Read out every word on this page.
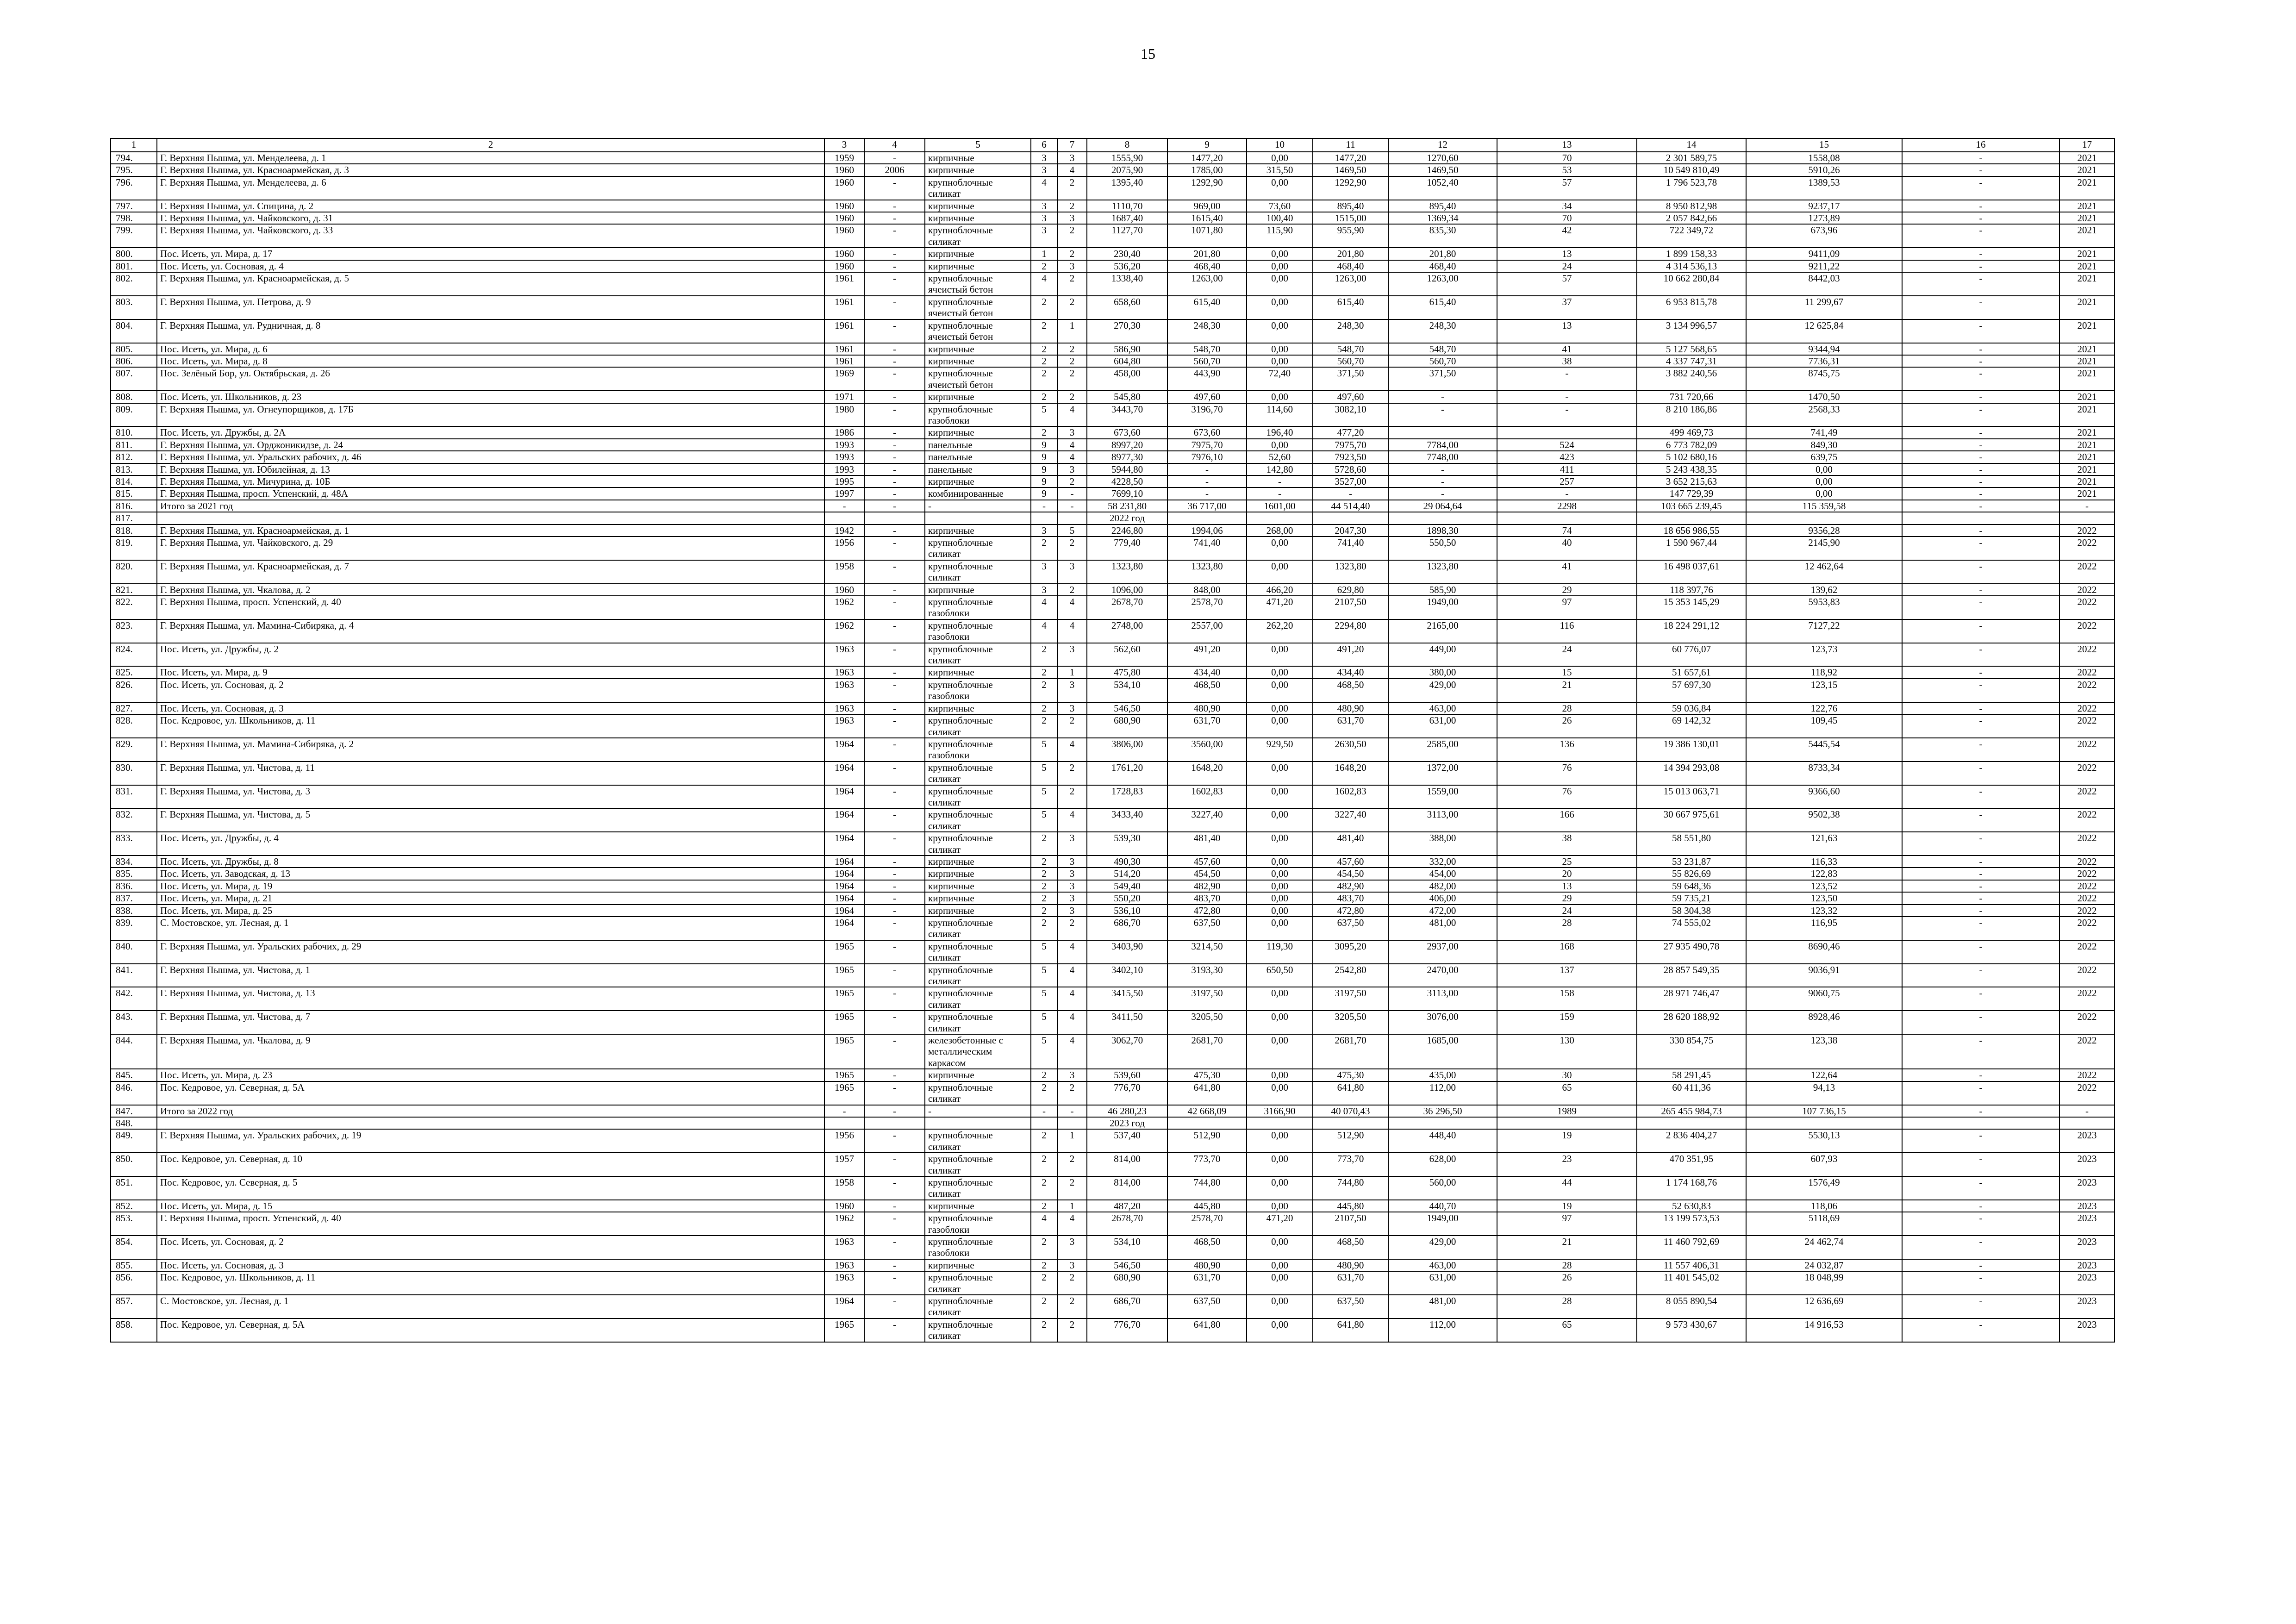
15
1	2	3	4	5	6	7	8	9	10	11	12	13	14	15	16	17
794.	Г. Верхняя Пышма, ул. Менделеева, д. 1	1959	-	кирпичные	3	3	1555,90	1477,20	0,00	1477,20	1270,60	70	2 301 589,75	1558,08	-	2021
795.	Г. Верхняя Пышма, ул. Красноармейская, д. 3	1960	2006	кирпичные	3	4	2075,90	1785,00	315,50	1469,50	1469,50	53	10 549 810,49	5910,26	-	2021
796.	Г. Верхняя Пышма, ул. Менделеева, д. 6	1960	-	крупноблочные силикат	4	2	1395,40	1292,90	0,00	1292,90	1052,40	57	1 796 523,78	1389,53	-	2021
797.	Г. Верхняя Пышма, ул. Спицина, д. 2	1960	-	кирпичные	3	2	1110,70	969,00	73,60	895,40	895,40	34	8 950 812,98	9237,17	-	2021
798.	Г. Верхняя Пышма, ул. Чайковского, д. 31	1960	-	кирпичные	3	3	1687,40	1615,40	100,40	1515,00	1369,34	70	2 057 842,66	1273,89	-	2021
799.	Г. Верхняя Пышма, ул. Чайковского, д. 33	1960	-	крупноблочные силикат	3	2	1127,70	1071,80	115,90	955,90	835,30	42	722 349,72	673,96	-	2021
800.	Пос. Исеть, ул. Мира, д. 17	1960	-	кирпичные	1	2	230,40	201,80	0,00	201,80	201,80	13	1 899 158,33	9411,09	-	2021
801.	Пос. Исеть, ул. Сосновая, д. 4	1960	-	кирпичные	2	3	536,20	468,40	0,00	468,40	468,40	24	4 314 536,13	9211,22	-	2021
802.	Г. Верхняя Пышма, ул. Красноармейская, д. 5	1961	-	крупноблочные ячеистый бетон	4	2	1338,40	1263,00	0,00	1263,00	1263,00	57	10 662 280,84	8442,03	-	2021
803.	Г. Верхняя Пышма, ул. Петрова, д. 9	1961	-	крупноблочные ячеистый бетон	2	2	658,60	615,40	0,00	615,40	615,40	37	6 953 815,78	11 299,67	-	2021
804.	Г. Верхняя Пышма, ул. Рудничная, д. 8	1961	-	крупноблочные ячеистый бетон	2	1	270,30	248,30	0,00	248,30	248,30	13	3 134 996,57	12 625,84	-	2021
805.	Пос. Исеть, ул. Мира, д. 6	1961	-	кирпичные	2	2	586,90	548,70	0,00	548,70	548,70	41	5 127 568,65	9344,94	-	2021
806.	Пос. Исеть, ул. Мира, д. 8	1961	-	кирпичные	2	2	604,80	560,70	0,00	560,70	560,70	38	4 337 747,31	7736,31	-	2021
807.	Пос. Зелёный Бор, ул. Октябрьская, д. 26	1969	-	крупноблочные ячеистый бетон	2	2	458,00	443,90	72,40	371,50	371,50	-	3 882 240,56	8745,75	-	2021
808.	Пос. Исеть, ул. Школьников, д. 23	1971	-	кирпичные	2	2	545,80	497,60	0,00	497,60	-	-	731 720,66	1470,50	-	2021
809.	Г. Верхняя Пышма, ул. Огнеупорщиков, д. 17Б	1980	-	крупноблочные газоблоки	5	4	3443,70	3196,70	114,60	3082,10	-	-	8 210 186,86	2568,33	-	2021
810.	Пос. Исеть, ул. Дружбы, д. 2А	1986	-	кирпичные	2	3	673,60	673,60	196,40	477,20			499 469,73	741,49	-	2021
811.	Г. Верхняя Пышма, ул. Орджоникидзе, д. 24	1993	-	панельные	9	4	8997,20	7975,70	0,00	7975,70	7784,00	524	6 773 782,09	849,30	-	2021
812.	Г. Верхняя Пышма, ул. Уральских рабочих, д. 46	1993	-	панельные	9	4	8977,30	7976,10	52,60	7923,50	7748,00	423	5 102 680,16	639,75	-	2021
813.	Г. Верхняя Пышма, ул. Юбилейная, д. 13	1993	-	панельные	9	3	5944,80	-	142,80	5728,60	-	411	5 243 438,35	0,00	-	2021
814.	Г. Верхняя Пышма, ул. Мичурина, д. 10Б	1995	-	кирпичные	9	2	4228,50	-	-	3527,00	-	257	3 652 215,63	0,00	-	2021
815.	Г. Верхняя Пышма, просп. Успенский, д. 48А	1997	-	комбинированные	9	-	7699,10	-	-	-	-	-	147 729,39	0,00	-	2021
816.	Итого за 2021 год	-	-	-	-	-	58 231,80	36 717,00	1601,00	44 514,40	29 064,64	2298	103 665 239,45	115 359,58	-	-
817.							2022 год									
818.	Г. Верхняя Пышма, ул. Красноармейская, д. 1	1942	-	кирпичные	3	5	2246,80	1994,06	268,00	2047,30	1898,30	74	18 656 986,55	9356,28	-	2022
819.	Г. Верхняя Пышма, ул. Чайковского, д. 29	1956	-	крупноблочные силикат	2	2	779,40	741,40	0,00	741,40	550,50	40	1 590 967,44	2145,90	-	2022
820.	Г. Верхняя Пышма, ул. Красноармейская, д. 7	1958	-	крупноблочные силикат	3	3	1323,80	1323,80	0,00	1323,80	1323,80	41	16 498 037,61	12 462,64	-	2022
821.	Г. Верхняя Пышма, ул. Чкалова, д. 2	1960	-	кирпичные	3	2	1096,00	848,00	466,20	629,80	585,90	29	118 397,76	139,62	-	2022
822.	Г. Верхняя Пышма, просп. Успенский, д. 40	1962	-	крупноблочные газоблоки	4	4	2678,70	2578,70	471,20	2107,50	1949,00	97	15 353 145,29	5953,83	-	2022
823.	Г. Верхняя Пышма, ул. Мамина-Сибиряка, д. 4	1962	-	крупноблочные газоблоки	4	4	2748,00	2557,00	262,20	2294,80	2165,00	116	18 224 291,12	7127,22	-	2022
824.	Пос. Исеть, ул. Дружбы, д. 2	1963	-	крупноблочные силикат	2	3	562,60	491,20	0,00	491,20	449,00	24	60 776,07	123,73	-	2022
825.	Пос. Исеть, ул. Мира, д. 9	1963	-	кирпичные	2	1	475,80	434,40	0,00	434,40	380,00	15	51 657,61	118,92	-	2022
826.	Пос. Исеть, ул. Сосновая, д. 2	1963	-	крупноблочные газоблоки	2	3	534,10	468,50	0,00	468,50	429,00	21	57 697,30	123,15	-	2022
827.	Пос. Исеть, ул. Сосновая, д. 3	1963	-	кирпичные	2	3	546,50	480,90	0,00	480,90	463,00	28	59 036,84	122,76	-	2022
828.	Пос. Кедровое, ул. Школьников, д. 11	1963	-	крупноблочные силикат	2	2	680,90	631,70	0,00	631,70	631,00	26	69 142,32	109,45	-	2022
829.	Г. Верхняя Пышма, ул. Мамина-Сибиряка, д. 2	1964	-	крупноблочные газоблоки	5	4	3806,00	3560,00	929,50	2630,50	2585,00	136	19 386 130,01	5445,54	-	2022
830.	Г. Верхняя Пышма, ул. Чистова, д. 11	1964	-	крупноблочные силикат	5	2	1761,20	1648,20	0,00	1648,20	1372,00	76	14 394 293,08	8733,34	-	2022
831.	Г. Верхняя Пышма, ул. Чистова, д. 3	1964	-	крупноблочные силикат	5	2	1728,83	1602,83	0,00	1602,83	1559,00	76	15 013 063,71	9366,60	-	2022
832.	Г. Верхняя Пышма, ул. Чистова, д. 5	1964	-	крупноблочные силикат	5	4	3433,40	3227,40	0,00	3227,40	3113,00	166	30 667 975,61	9502,38	-	2022
833.	Пос. Исеть, ул. Дружбы, д. 4	1964	-	крупноблочные силикат	2	3	539,30	481,40	0,00	481,40	388,00	38	58 551,80	121,63	-	2022
834.	Пос. Исеть, ул. Дружбы, д. 8	1964	-	кирпичные	2	3	490,30	457,60	0,00	457,60	332,00	25	53 231,87	116,33	-	2022
835.	Пос. Исеть, ул. Заводская, д. 13	1964	-	кирпичные	2	3	514,20	454,50	0,00	454,50	454,00	20	55 826,69	122,83	-	2022
836.	Пос. Исеть, ул. Мира, д. 19	1964	-	кирпичные	2	3	549,40	482,90	0,00	482,90	482,00	13	59 648,36	123,52	-	2022
837.	Пос. Исеть, ул. Мира, д. 21	1964	-	кирпичные	2	3	550,20	483,70	0,00	483,70	406,00	29	59 735,21	123,50	-	2022
838.	Пос. Исеть, ул. Мира, д. 25	1964	-	кирпичные	2	3	536,10	472,80	0,00	472,80	472,00	24	58 304,38	123,32	-	2022
839.	С. Мостовское, ул. Лесная, д. 1	1964	-	крупноблочные силикат	2	2	686,70	637,50	0,00	637,50	481,00	28	74 555,02	116,95	-	2022
840.	Г. Верхняя Пышма, ул. Уральских рабочих, д. 29	1965	-	крупноблочные силикат	5	4	3403,90	3214,50	119,30	3095,20	2937,00	168	27 935 490,78	8690,46	-	2022
841.	Г. Верхняя Пышма, ул. Чистова, д. 1	1965	-	крупноблочные силикат	5	4	3402,10	3193,30	650,50	2542,80	2470,00	137	28 857 549,35	9036,91	-	2022
842.	Г. Верхняя Пышма, ул. Чистова, д. 13	1965	-	крупноблочные силикат	5	4	3415,50	3197,50	0,00	3197,50	3113,00	158	28 971 746,47	9060,75	-	2022
843.	Г. Верхняя Пышма, ул. Чистова, д. 7	1965	-	крупноблочные силикат	5	4	3411,50	3205,50	0,00	3205,50	3076,00	159	28 620 188,92	8928,46	-	2022
844.	Г. Верхняя Пышма, ул. Чкалова, д. 9	1965	-	железобетонные с металлическим каркасом	5	4	3062,70	2681,70	0,00	2681,70	1685,00	130	330 854,75	123,38	-	2022
845.	Пос. Исеть, ул. Мира, д. 23	1965	-	кирпичные	2	3	539,60	475,30	0,00	475,30	435,00	30	58 291,45	122,64	-	2022
846.	Пос. Кедровое, ул. Северная, д. 5А	1965	-	крупноблочные силикат	2	2	776,70	641,80	0,00	641,80	112,00	65	60 411,36	94,13	-	2022
847.	Итого за 2022 год	-	-	-	-	-	46 280,23	42 668,09	3166,90	40 070,43	36 296,50	1989	265 455 984,73	107 736,15	-	-
848.							2023 год									
849.	Г. Верхняя Пышма, ул. Уральских рабочих, д. 19	1956	-	крупноблочные силикат	2	1	537,40	512,90	0,00	512,90	448,40	19	2 836 404,27	5530,13	-	2023
850.	Пос. Кедровое, ул. Северная, д. 10	1957	-	крупноблочные силикат	2	2	814,00	773,70	0,00	773,70	628,00	23	470 351,95	607,93	-	2023
851.	Пос. Кедровое, ул. Северная, д. 5	1958	-	крупноблочные силикат	2	2	814,00	744,80	0,00	744,80	560,00	44	1 174 168,76	1576,49	-	2023
852.	Пос. Исеть, ул. Мира, д. 15	1960	-	кирпичные	2	1	487,20	445,80	0,00	445,80	440,70	19	52 630,83	118,06	-	2023
853.	Г. Верхняя Пышма, просп. Успенский, д. 40	1962	-	крупноблочные газоблоки	4	4	2678,70	2578,70	471,20	2107,50	1949,00	97	13 199 573,53	5118,69	-	2023
854.	Пос. Исеть, ул. Сосновая, д. 2	1963	-	крупноблочные газоблоки	2	3	534,10	468,50	0,00	468,50	429,00	21	11 460 792,69	24 462,74	-	2023
855.	Пос. Исеть, ул. Сосновая, д. 3	1963	-	кирпичные	2	3	546,50	480,90	0,00	480,90	463,00	28	11 557 406,31	24 032,87	-	2023
856.	Пос. Кедровое, ул. Школьников, д. 11	1963	-	крупноблочные силикат	2	2	680,90	631,70	0,00	631,70	631,00	26	11 401 545,02	18 048,99	-	2023
857.	С. Мостовское, ул. Лесная, д. 1	1964	-	крупноблочные силикат	2	2	686,70	637,50	0,00	637,50	481,00	28	8 055 890,54	12 636,69	-	2023
858.	Пос. Кедровое, ул. Северная, д. 5А	1965	-	крупноблочные силикат	2	2	776,70	641,80	0,00	641,80	112,00	65	9 573 430,67	14 916,53	-	2023
